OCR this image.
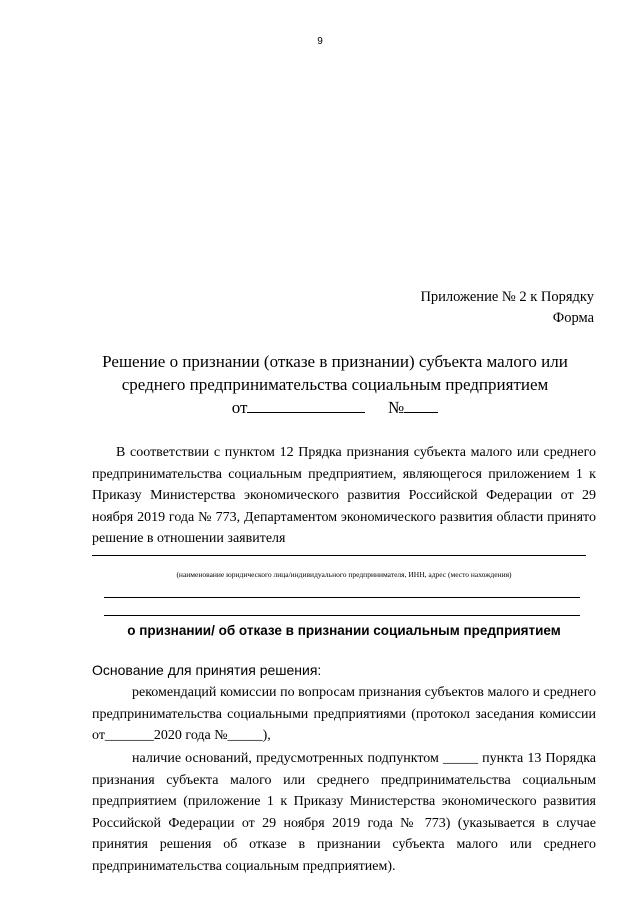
9
Приложение № 2 к Порядку
Форма
Решение о признании (отказе в признании) субъекта малого или
среднего предпринимательства социальным предприятием
от	№
В соответствии с пунктом 12 Прядка признания субъекта малого или среднего предпринимательства социальным предприятием, являющегося приложением 1 к Приказу Министерства экономического развития Российской Федерации от 29 ноября 2019 года № 773, Департаментом экономического развития области принято решение в отношении заявителя
(наименование юридического лица/индивидуального предпринимателя, ИНН, адрес (место нахождения)
о признании/ об отказе в признании социальным предприятием
Основание для принятия решения:
рекомендаций комиссии по вопросам признания субъектов малого и среднего предпринимательства социальными предприятиями (протокол заседания комиссии от_______2020 года №_____),
наличие оснований, предусмотренных подпунктом _____ пункта 13 Порядка признания субъекта малого или среднего предпринимательства социальным предприятием (приложение 1 к Приказу Министерства экономического развития Российской Федерации от 29 ноября 2019 года № 773) (указывается в случае принятия решения об отказе в признании субъекта малого или среднего предпринимательства социальным предприятием).
